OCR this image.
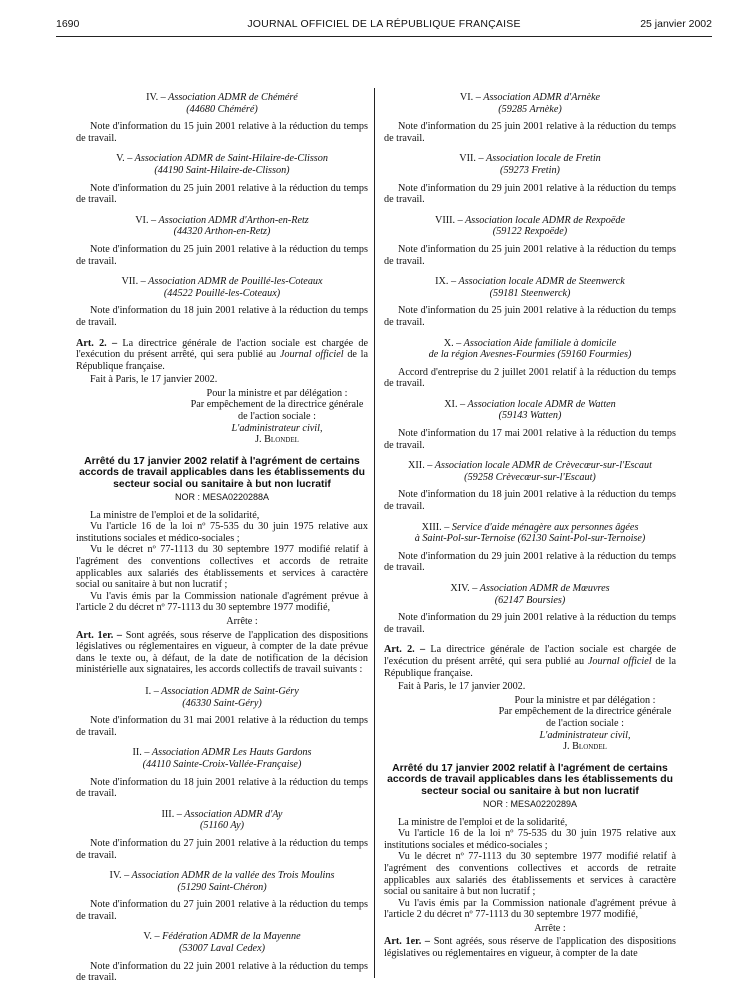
1690	JOURNAL OFFICIEL DE LA RÉPUBLIQUE FRANÇAISE	25 janvier 2002
IV. – Association ADMR de Chéméré
(44680 Chéméré)

Note d'information du 15 juin 2001 relative à la réduction du temps de travail.

V. – Association ADMR de Saint-Hilaire-de-Clisson
(44190 Saint-Hilaire-de-Clisson)

Note d'information du 25 juin 2001 relative à la réduction du temps de travail.

VI. – Association ADMR d'Arthon-en-Retz
(44320 Arthon-en-Retz)

Note d'information du 25 juin 2001 relative à la réduction du temps de travail.

VII. – Association ADMR de Pouillé-les-Coteaux
(44522 Pouillé-les-Coteaux)

Note d'information du 18 juin 2001 relative à la réduction du temps de travail.

Art. 2. – La directrice générale de l'action sociale est chargée de l'exécution du présent arrêté, qui sera publié au Journal officiel de la République française.

Fait à Paris, le 17 janvier 2002.

Pour la ministre et par délégation :
Par empêchement de la directrice générale
de l'action sociale :
L'administrateur civil,
J. Blondel
Arrêté du 17 janvier 2002 relatif à l'agrément de certains accords de travail applicables dans les établissements du secteur social ou sanitaire à but non lucratif
NOR : MESA0220288A

La ministre de l'emploi et de la solidarité,

Vu l'article 16 de la loi nº 75-535 du 30 juin 1975 relative aux institutions sociales et médico-sociales ;

Vu le décret nº 77-1113 du 30 septembre 1977 modifié relatif à l'agrément des conventions collectives et accords de retraite applicables aux salariés des établissements et services à caractère social ou sanitaire à but non lucratif ;

Vu l'avis émis par la Commission nationale d'agrément prévue à l'article 2 du décret nº 77-1113 du 30 septembre 1977 modifié,

Arrête :

Art. 1er. – Sont agréés, sous réserve de l'application des dispositions législatives ou réglementaires en vigueur, à compter de la date prévue dans le texte ou, à défaut, de la date de notification de la décision ministérielle aux signataires, les accords collectifs de travail suivants :

I. – Association ADMR de Saint-Géry
(46330 Saint-Géry)

Note d'information du 31 mai 2001 relative à la réduction du temps de travail.

II. – Association ADMR Les Hauts Gardons
(44110 Sainte-Croix-Vallée-Française)

Note d'information du 18 juin 2001 relative à la réduction du temps de travail.

III. – Association ADMR d'Ay
(51160 Ay)

Note d'information du 27 juin 2001 relative à la réduction du temps de travail.

IV. – Association ADMR de la vallée des Trois Moulins
(51290 Saint-Chéron)

Note d'information du 27 juin 2001 relative à la réduction du temps de travail.

V. – Fédération ADMR de la Mayenne
(53007 Laval Cedex)

Note d'information du 22 juin 2001 relative à la réduction du temps de travail.

VI. – Association ADMR d'Arnèke
(59285 Arnèke)

Note d'information du 25 juin 2001 relative à la réduction du temps de travail.

VII. – Association locale de Fretin
(59273 Fretin)

Note d'information du 29 juin 2001 relative à la réduction du temps de travail.

VIII. – Association locale ADMR de Rexpoëde
(59122 Rexpoëde)

Note d'information du 25 juin 2001 relative à la réduction du temps de travail.

IX. – Association locale ADMR de Steenwerck
(59181 Steenwerck)

Note d'information du 25 juin 2001 relative à la réduction du temps de travail.

X. – Association Aide familiale à domicile
de la région Avesnes-Fourmies (59160 Fourmies)

Accord d'entreprise du 2 juillet 2001 relatif à la réduction du temps de travail.

XI. – Association locale ADMR de Watten
(59143 Watten)

Note d'information du 17 mai 2001 relative à la réduction du temps de travail.

XII. – Association locale ADMR de Crèvecœur-sur-l'Escaut
(59258 Crèvecœur-sur-l'Escaut)

Note d'information du 18 juin 2001 relative à la réduction du temps de travail.

XIII. – Service d'aide ménagère aux personnes âgées
à Saint-Pol-sur-Ternoise (62130 Saint-Pol-sur-Ternoise)

Note d'information du 29 juin 2001 relative à la réduction du temps de travail.

XIV. – Association ADMR de Mœuvres
(62147 Boursies)

Note d'information du 29 juin 2001 relative à la réduction du temps de travail.

Art. 2. – La directrice générale de l'action sociale est chargée de l'exécution du présent arrêté, qui sera publié au Journal officiel de la République française.

Fait à Paris, le 17 janvier 2002.

Pour la ministre et par délégation :
Par empêchement de la directrice générale
de l'action sociale :
L'administrateur civil,
J. Blondel
Arrêté du 17 janvier 2002 relatif à l'agrément de certains accords de travail applicables dans les établissements du secteur social ou sanitaire à but non lucratif
NOR : MESA0220289A

La ministre de l'emploi et de la solidarité,

Vu l'article 16 de la loi nº 75-535 du 30 juin 1975 relative aux institutions sociales et médico-sociales ;

Vu le décret nº 77-1113 du 30 septembre 1977 modifié relatif à l'agrément des conventions collectives et accords de retraite applicables aux salariés des établissements et services à caractère social ou sanitaire à but non lucratif ;

Vu l'avis émis par la Commission nationale d'agrément prévue à l'article 2 du décret nº 77-1113 du 30 septembre 1977 modifié,

Arrête :

Art. 1er. – Sont agréés, sous réserve de l'application des dispositions législatives ou réglementaires en vigueur, à compter de la date
